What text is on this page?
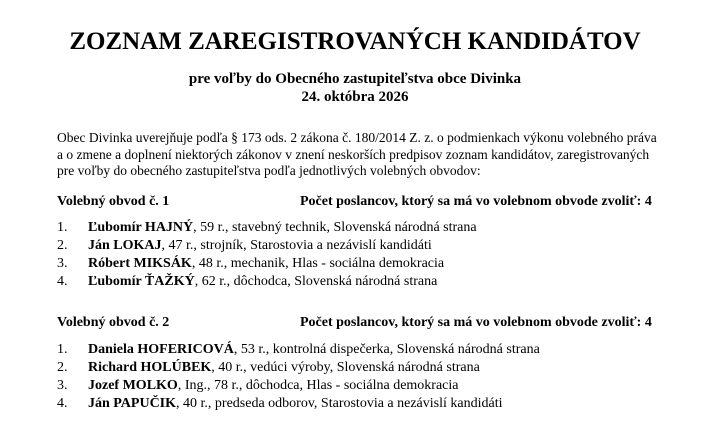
ZOZNAM ZAREGISTROVANÝCH KANDIDÁTOV
pre voľby do Obecného zastupiteľstva obce Divinka
24. októbra 2026
Obec Divinka uverejňuje podľa § 173 ods. 2 zákona č. 180/2014 Z. z. o podmienkach výkonu volebného práva
a o zmene a doplnení niektorých zákonov v znení neskorších predpisov zoznam kandidátov, zaregistrovaných
pre voľby do obecného zastupiteľstva podľa jednotlivých volebných obvodov:
Volebný obvod č. 1	Počet poslancov, ktorý sa má vo volebnom obvode zvoliť: 4
1. Ľubomír HAJNÝ, 59 r., stavebný technik, Slovenská národná strana
2. Ján LOKAJ, 47 r., strojník, Starostovia a nezávislí kandidáti
3. Róbert MIKSÁK, 48 r., mechanik, Hlas - sociálna demokracia
4. Ľubomír ŤAŽKÝ, 62 r., dôchodca, Slovenská národná strana
Volebný obvod č. 2	Počet poslancov, ktorý sa má vo volebnom obvode zvoliť: 4
1. Daniela HOFERICOVÁ, 53 r., kontrolná dispečerka, Slovenská národná strana
2. Richard HOLÚBEK, 40 r., vedúci výroby, Slovenská národná strana
3. Jozef MOLKO, Ing., 78 r., dôchodca, Hlas - sociálna demokracia
4. Ján PAPUČIK, 40 r., predseda odborov, Starostovia a nezávislí kandidáti
